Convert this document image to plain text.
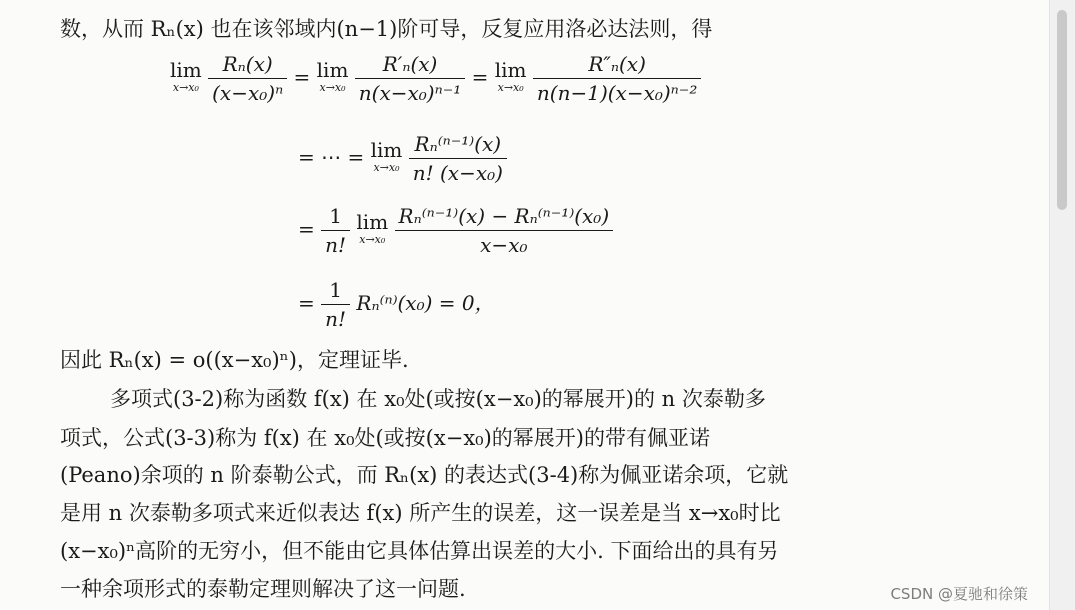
数，从而 Rₙ(x) 也在该邻域内(n−1)阶可导，反复应用洛必达法则，得
lim
x→x₀
$\frac{\text{Rₙ(x)}}{\text{(x−x₀)ⁿ}} = \lim$
x→x₀
$\frac{\text{R′ₙ(x)}}{\text{n(x−x₀)ⁿ⁻¹}} = \lim$
x→x₀
$\frac{\text{R″ₙ(x)}}{\text{n(n−1)(x−x₀)ⁿ⁻²}}$
= ⋯ = lim
x→x₀
$\frac{\text{Rₙ⁽ⁿ⁻¹⁾(x)}}{\text{n! (x−x₀)}}$
= $\frac{1}{n!}$
lim
x→x₀
$\frac{\text{Rₙ⁽ⁿ⁻¹⁾(x) − Rₙ⁽ⁿ⁻¹⁾(x₀)}}{\text{x−x₀}}$
= $\frac{1}{n!} R_n^{(n)}(x_0) = 0$，
因此 Rₙ(x) = o((x−x₀)ⁿ)，定理证毕.
多项式(3-2)称为函数 f(x) 在 x₀处(或按(x−x₀)的幂展开)的 n 次泰勒多
项式，公式(3-3)称为 f(x) 在 x₀处(或按(x−x₀)的幂展开)的带有佩亚诺
(Peano)余项的 n 阶泰勒公式，而 Rₙ(x) 的表达式(3-4)称为佩亚诺余项，它就
是用 n 次泰勒多项式来近似表达 f(x) 所产生的误差，这一误差是当 x→x₀时比
(x−x₀)ⁿ高阶的无穷小，但不能由它具体估算出误差的大小. 下面给出的具有另
一种余项形式的泰勒定理则解决了这一问题.	CSDN @夏驰和徐策
